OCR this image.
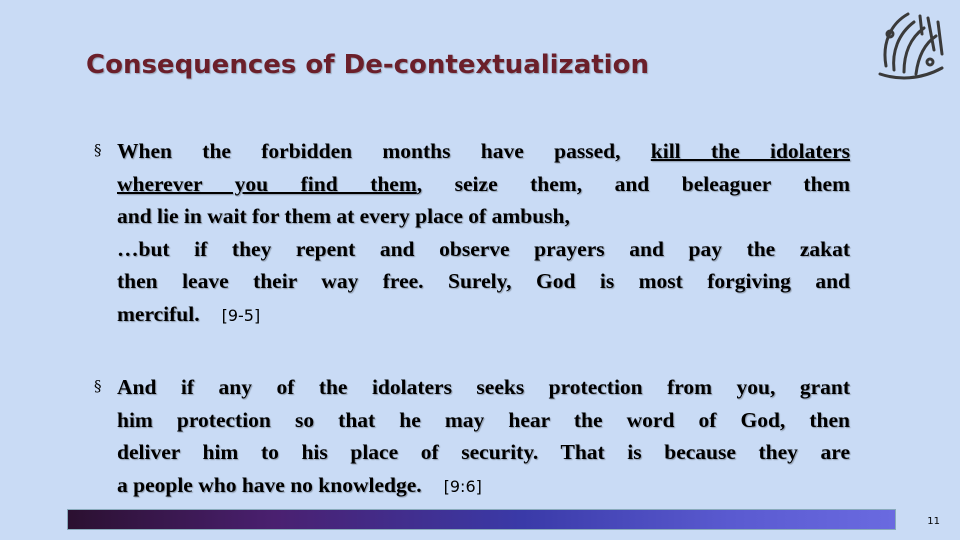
Consequences of De-contextualization
§ When the forbidden months have passed, kill the idolaters
wherever you find them, seize them, and beleaguer them
and lie in wait for them at every place of ambush,
…but if they repent and observe prayers and pay the zakat
then leave their way free. Surely, God is most forgiving and
merciful. [9-5]
§ And if any of the idolaters seeks protection from you, grant
him protection so that he may hear the word of God, then
deliver him to his place of security. That is because they are
a people who have no knowledge. [9:6]
11
